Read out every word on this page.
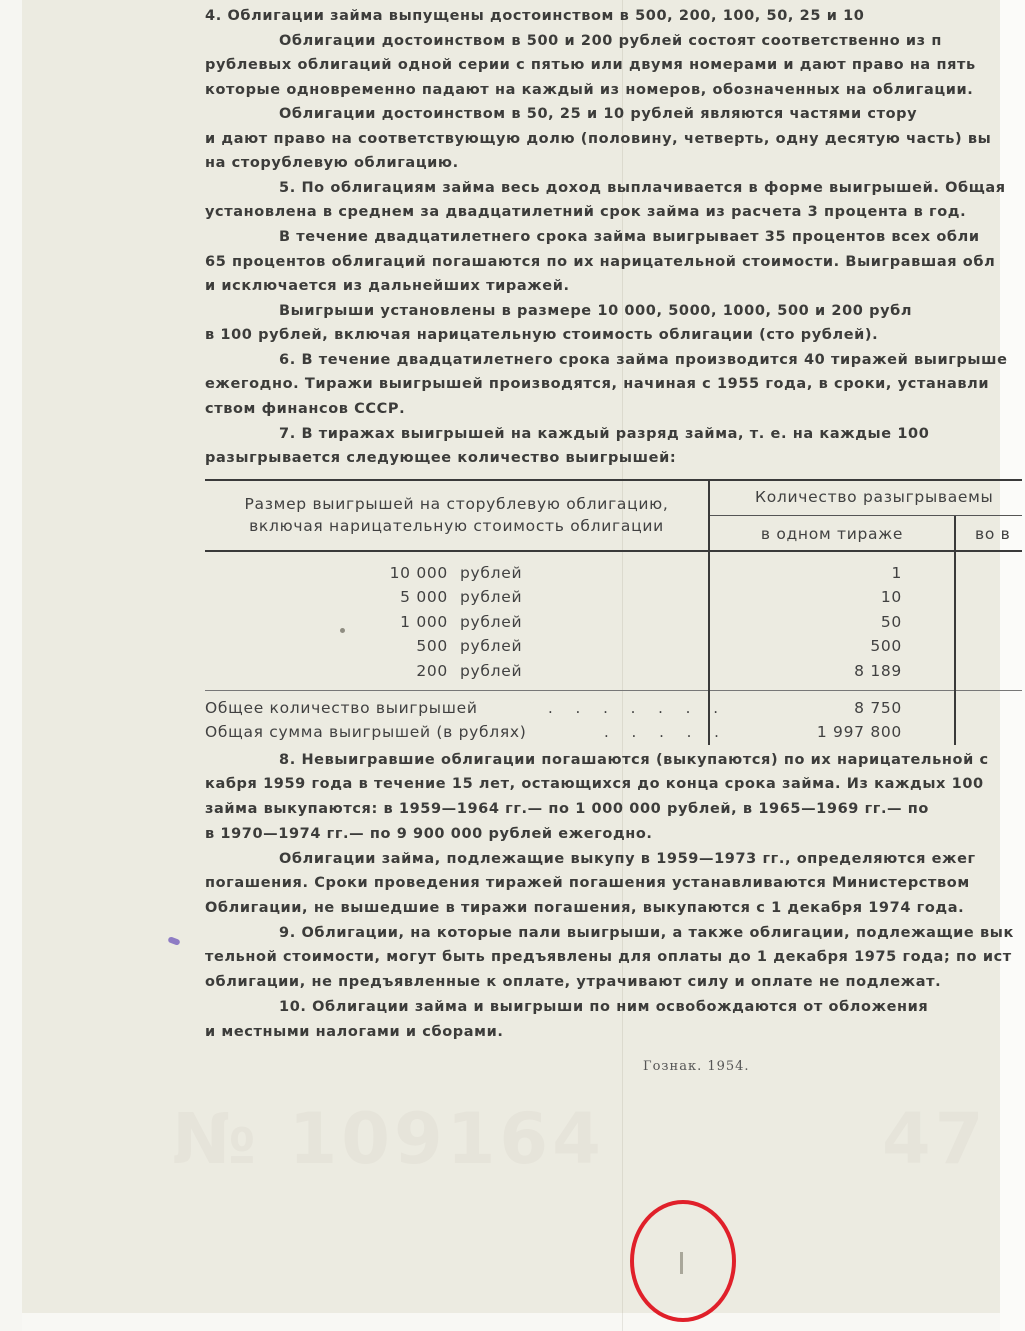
№ 109164	47

4. Облигации займа выпущены достоинством в 500, 200, 100, 50, 25 и 10

Облигации достоинством в 500 и 200 рублей состоят соответственно из п

рублевых облигаций одной серии с пятью или двумя номерами и дают право на пять

которые одновременно падают на каждый из номеров, обозначенных на облигации.

Облигации достоинством в 50, 25 и 10 рублей являются частями стору

и дают право на соответствующую долю (половину, четверть, одну десятую часть) вы

на сторублевую облигацию.

5. По облигациям займа весь доход выплачивается в форме выигрышей. Общая

установлена в среднем за двадцатилетний срок займа из расчета 3 процента в год.

В течение двадцатилетнего срока займа выигрывает 35 процентов всех обли

65 процентов облигаций погашаются по их нарицательной стоимости. Выигравшая обл

и исключается из дальнейших тиражей.

Выигрыши установлены в размере 10 000, 5000, 1000, 500 и 200 рубл

в 100 рублей, включая нарицательную стоимость облигации (сто рублей).

6. В течение двадцатилетнего срока займа производится 40 тиражей выигрыше

ежегодно. Тиражи выигрышей производятся, начиная с 1955 года, в сроки, устанавли

ством финансов СССР.

7. В тиражах выигрышей на каждый разряд займа, т. е. на каждые 100

разыгрывается следующее количество выигрышей:

Размер выигрышей на сторублевую облигацию,
включая нарицательную стоимость облигации
Количество разыгрываемы
в одном тираже	во в
10 000 рублей	1
5 000 рублей	10
1 000 рублей	50
500 рублей	500
200 рублей	8 189
Общее количество выигрышей	. . . . . . .	8 750
Общая сумма выигрышей (в рублях)	. . . . .	1 997 800

8. Невыигравшие облигации погашаются (выкупаются) по их нарицательной с

кабря 1959 года в течение 15 лет, остающихся до конца срока займа. Из каждых 100

займа выкупаются: в 1959—1964 гг.— по 1 000 000 рублей, в 1965—1969 гг.— по

в 1970—1974 гг.— по 9 900 000 рублей ежегодно.

Облигации займа, подлежащие выкупу в 1959—1973 гг., определяются ежег

погашения. Сроки проведения тиражей погашения устанавливаются Министерством

Облигации, не вышедшие в тиражи погашения, выкупаются с 1 декабря 1974 года.

9. Облигации, на которые пали выигрыши, а также облигации, подлежащие вык

тельной стоимости, могут быть предъявлены для оплаты до 1 декабря 1975 года; по ист

облигации, не предъявленные к оплате, утрачивают силу и оплате не подлежат.

10. Облигации займа и выигрыши по ним освобождаются от обложения

и местными налогами и сборами.

Гознак. 1954.
